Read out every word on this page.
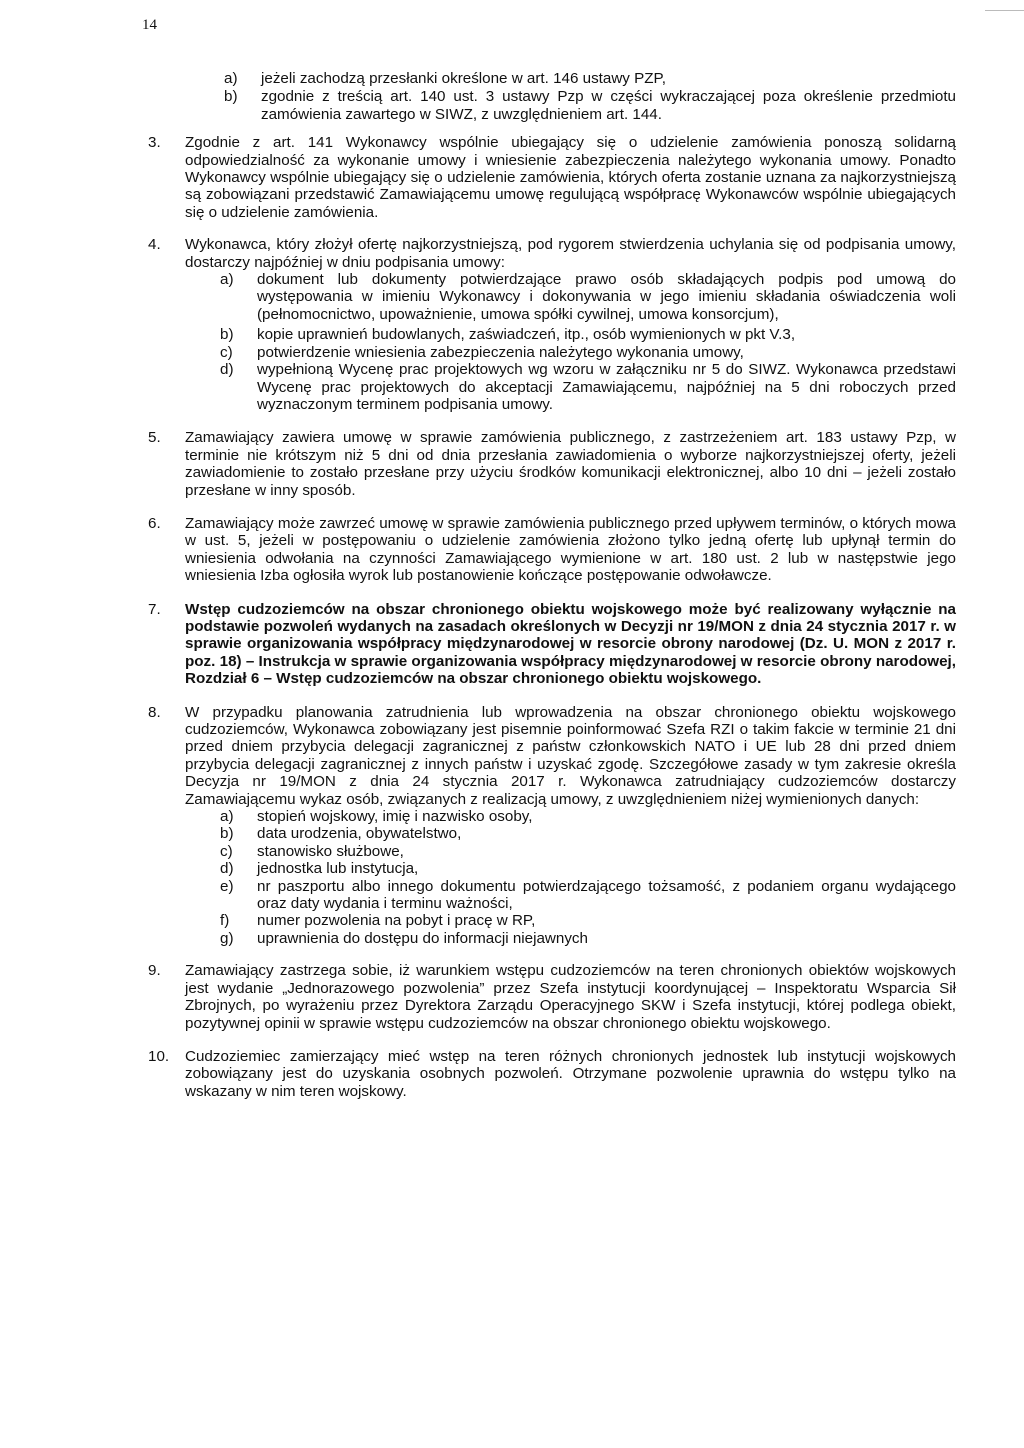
14
a)	jeżeli zachodzą przesłanki określone w art. 146 ustawy PZP,
b)	zgodnie z treścią art. 140 ust. 3 ustawy Pzp w części wykraczającej poza określenie przedmiotu zamówienia zawartego w SIWZ, z uwzględnieniem art. 144.
3.	Zgodnie z art. 141 Wykonawcy wspólnie ubiegający się o udzielenie zamówienia ponoszą solidarną odpowiedzialność za wykonanie umowy i wniesienie zabezpieczenia należytego wykonania umowy. Ponadto Wykonawcy wspólnie ubiegający się o udzielenie zamówienia, których oferta zostanie uznana za najkorzystniejszą są zobowiązani przedstawić Zamawiającemu umowę regulującą współpracę Wykonawców wspólnie ubiegających się o udzielenie zamówienia.
4.	Wykonawca, który złożył ofertę najkorzystniejszą, pod rygorem stwierdzenia uchylania się od podpisania umowy, dostarczy najpóźniej w dniu podpisania umowy:
a)	dokument lub dokumenty potwierdzające prawo osób składających podpis pod umową do występowania w imieniu Wykonawcy i dokonywania w jego imieniu składania oświadczenia woli (pełnomocnictwo, upoważnienie, umowa spółki cywilnej, umowa konsorcjum),
b)	kopie uprawnień budowlanych, zaświadczeń, itp., osób wymienionych w pkt V.3,
c)	potwierdzenie wniesienia zabezpieczenia należytego wykonania umowy,
d)	wypełnioną Wycenę prac projektowych wg wzoru w załączniku nr 5 do SIWZ. Wykonawca przedstawi Wycenę prac projektowych do akceptacji Zamawiającemu, najpóźniej na 5 dni roboczych przed wyznaczonym terminem podpisania umowy.
5.	Zamawiający zawiera umowę w sprawie zamówienia publicznego, z zastrzeżeniem art. 183 ustawy Pzp, w terminie nie krótszym niż 5 dni od dnia przesłania zawiadomienia o wyborze najkorzystniejszej oferty, jeżeli zawiadomienie to zostało przesłane przy użyciu środków komunikacji elektronicznej, albo 10 dni – jeżeli zostało przesłane w inny sposób.
6.	Zamawiający może zawrzeć umowę w sprawie zamówienia publicznego przed upływem terminów, o których mowa w ust. 5, jeżeli w postępowaniu o udzielenie zamówienia złożono tylko jedną ofertę lub upłynął termin do wniesienia odwołania na czynności Zamawiającego wymienione w art. 180 ust. 2 lub w następstwie jego wniesienia Izba ogłosiła wyrok lub postanowienie kończące postępowanie odwoławcze.
7.	Wstęp cudzoziemców na obszar chronionego obiektu wojskowego może być realizowany wyłącznie na podstawie pozwoleń wydanych na zasadach określonych w Decyzji nr 19/MON z dnia 24 stycznia 2017 r. w sprawie organizowania współpracy międzynarodowej w resorcie obrony narodowej (Dz. U. MON z 2017 r. poz. 18) – Instrukcja w sprawie organizowania współpracy międzynarodowej w resorcie obrony narodowej, Rozdział 6 – Wstęp cudzoziemców na obszar chronionego obiektu wojskowego.
8.	W przypadku planowania zatrudnienia lub wprowadzenia na obszar chronionego obiektu wojskowego cudzoziemców, Wykonawca zobowiązany jest pisemnie poinformować Szefa RZI o takim fakcie w terminie 21 dni przed dniem przybycia delegacji zagranicznej z państw członkowskich NATO i UE lub 28 dni przed dniem przybycia delegacji zagranicznej z innych państw i uzyskać zgodę. Szczegółowe zasady w tym zakresie określa Decyzja nr 19/MON z dnia 24 stycznia 2017 r. Wykonawca zatrudniający cudzoziemców dostarczy Zamawiającemu wykaz osób, związanych z realizacją umowy, z uwzględnieniem niżej wymienionych danych:
a)	stopień wojskowy, imię i nazwisko osoby,
b)	data urodzenia, obywatelstwo,
c)	stanowisko służbowe,
d)	jednostka lub instytucja,
e)	nr paszportu albo innego dokumentu potwierdzającego tożsamość, z podaniem organu wydającego oraz daty wydania i terminu ważności,
f)	numer pozwolenia na pobyt i pracę w RP,
g)	uprawnienia do dostępu do informacji niejawnych
9.	Zamawiający zastrzega sobie, iż warunkiem wstępu cudzoziemców na teren chronionych obiektów wojskowych jest wydanie „Jednorazowego pozwolenia” przez Szefa instytucji koordynującej – Inspektoratu Wsparcia Sił Zbrojnych, po wyrażeniu przez Dyrektora Zarządu Operacyjnego SKW i Szefa instytucji, której podlega obiekt, pozytywnej opinii w sprawie wstępu cudzoziemców na obszar chronionego obiektu wojskowego.
10.	Cudzoziemiec zamierzający mieć wstęp na teren różnych chronionych jednostek lub instytucji wojskowych zobowiązany jest do uzyskania osobnych pozwoleń. Otrzymane pozwolenie uprawnia do wstępu tylko na wskazany w nim teren wojskowy.
